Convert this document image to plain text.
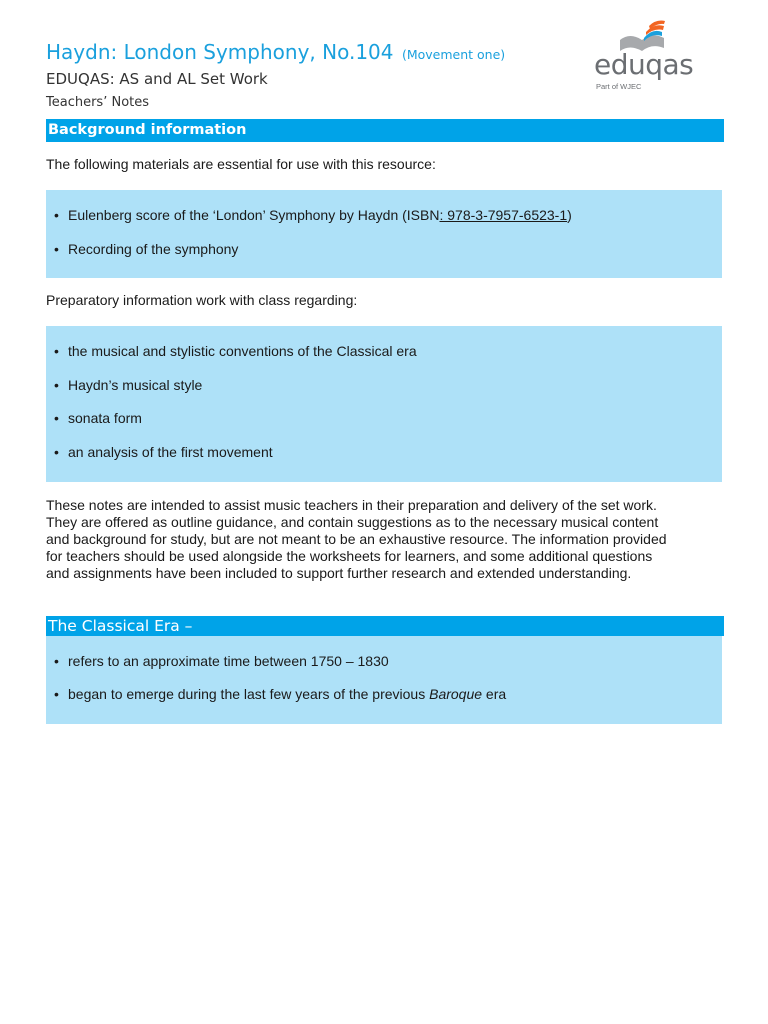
Haydn: London Symphony, No.104 (Movement one)
EDUQAS: AS and AL Set Work
Teachers’ Notes
eduqas
Part of WJEC
Background information
The following materials are essential for use with this resource:
• Eulenberg score of the ‘London’ Symphony by Haydn (ISBN: 978-3-7957-6523-1)
• Recording of the symphony
Preparatory information work with class regarding:
• the musical and stylistic conventions of the Classical era
• Haydn’s musical style
• sonata form
• an analysis of the first movement
These notes are intended to assist music teachers in their preparation and delivery of the set work. They are offered as outline guidance, and contain suggestions as to the necessary musical content and background for study, but are not meant to be an exhaustive resource. The information provided for teachers should be used alongside the worksheets for learners, and some additional questions and assignments have been included to support further research and extended understanding.
The Classical Era –
• refers to an approximate time between 1750 – 1830
• began to emerge during the last few years of the previous Baroque era
